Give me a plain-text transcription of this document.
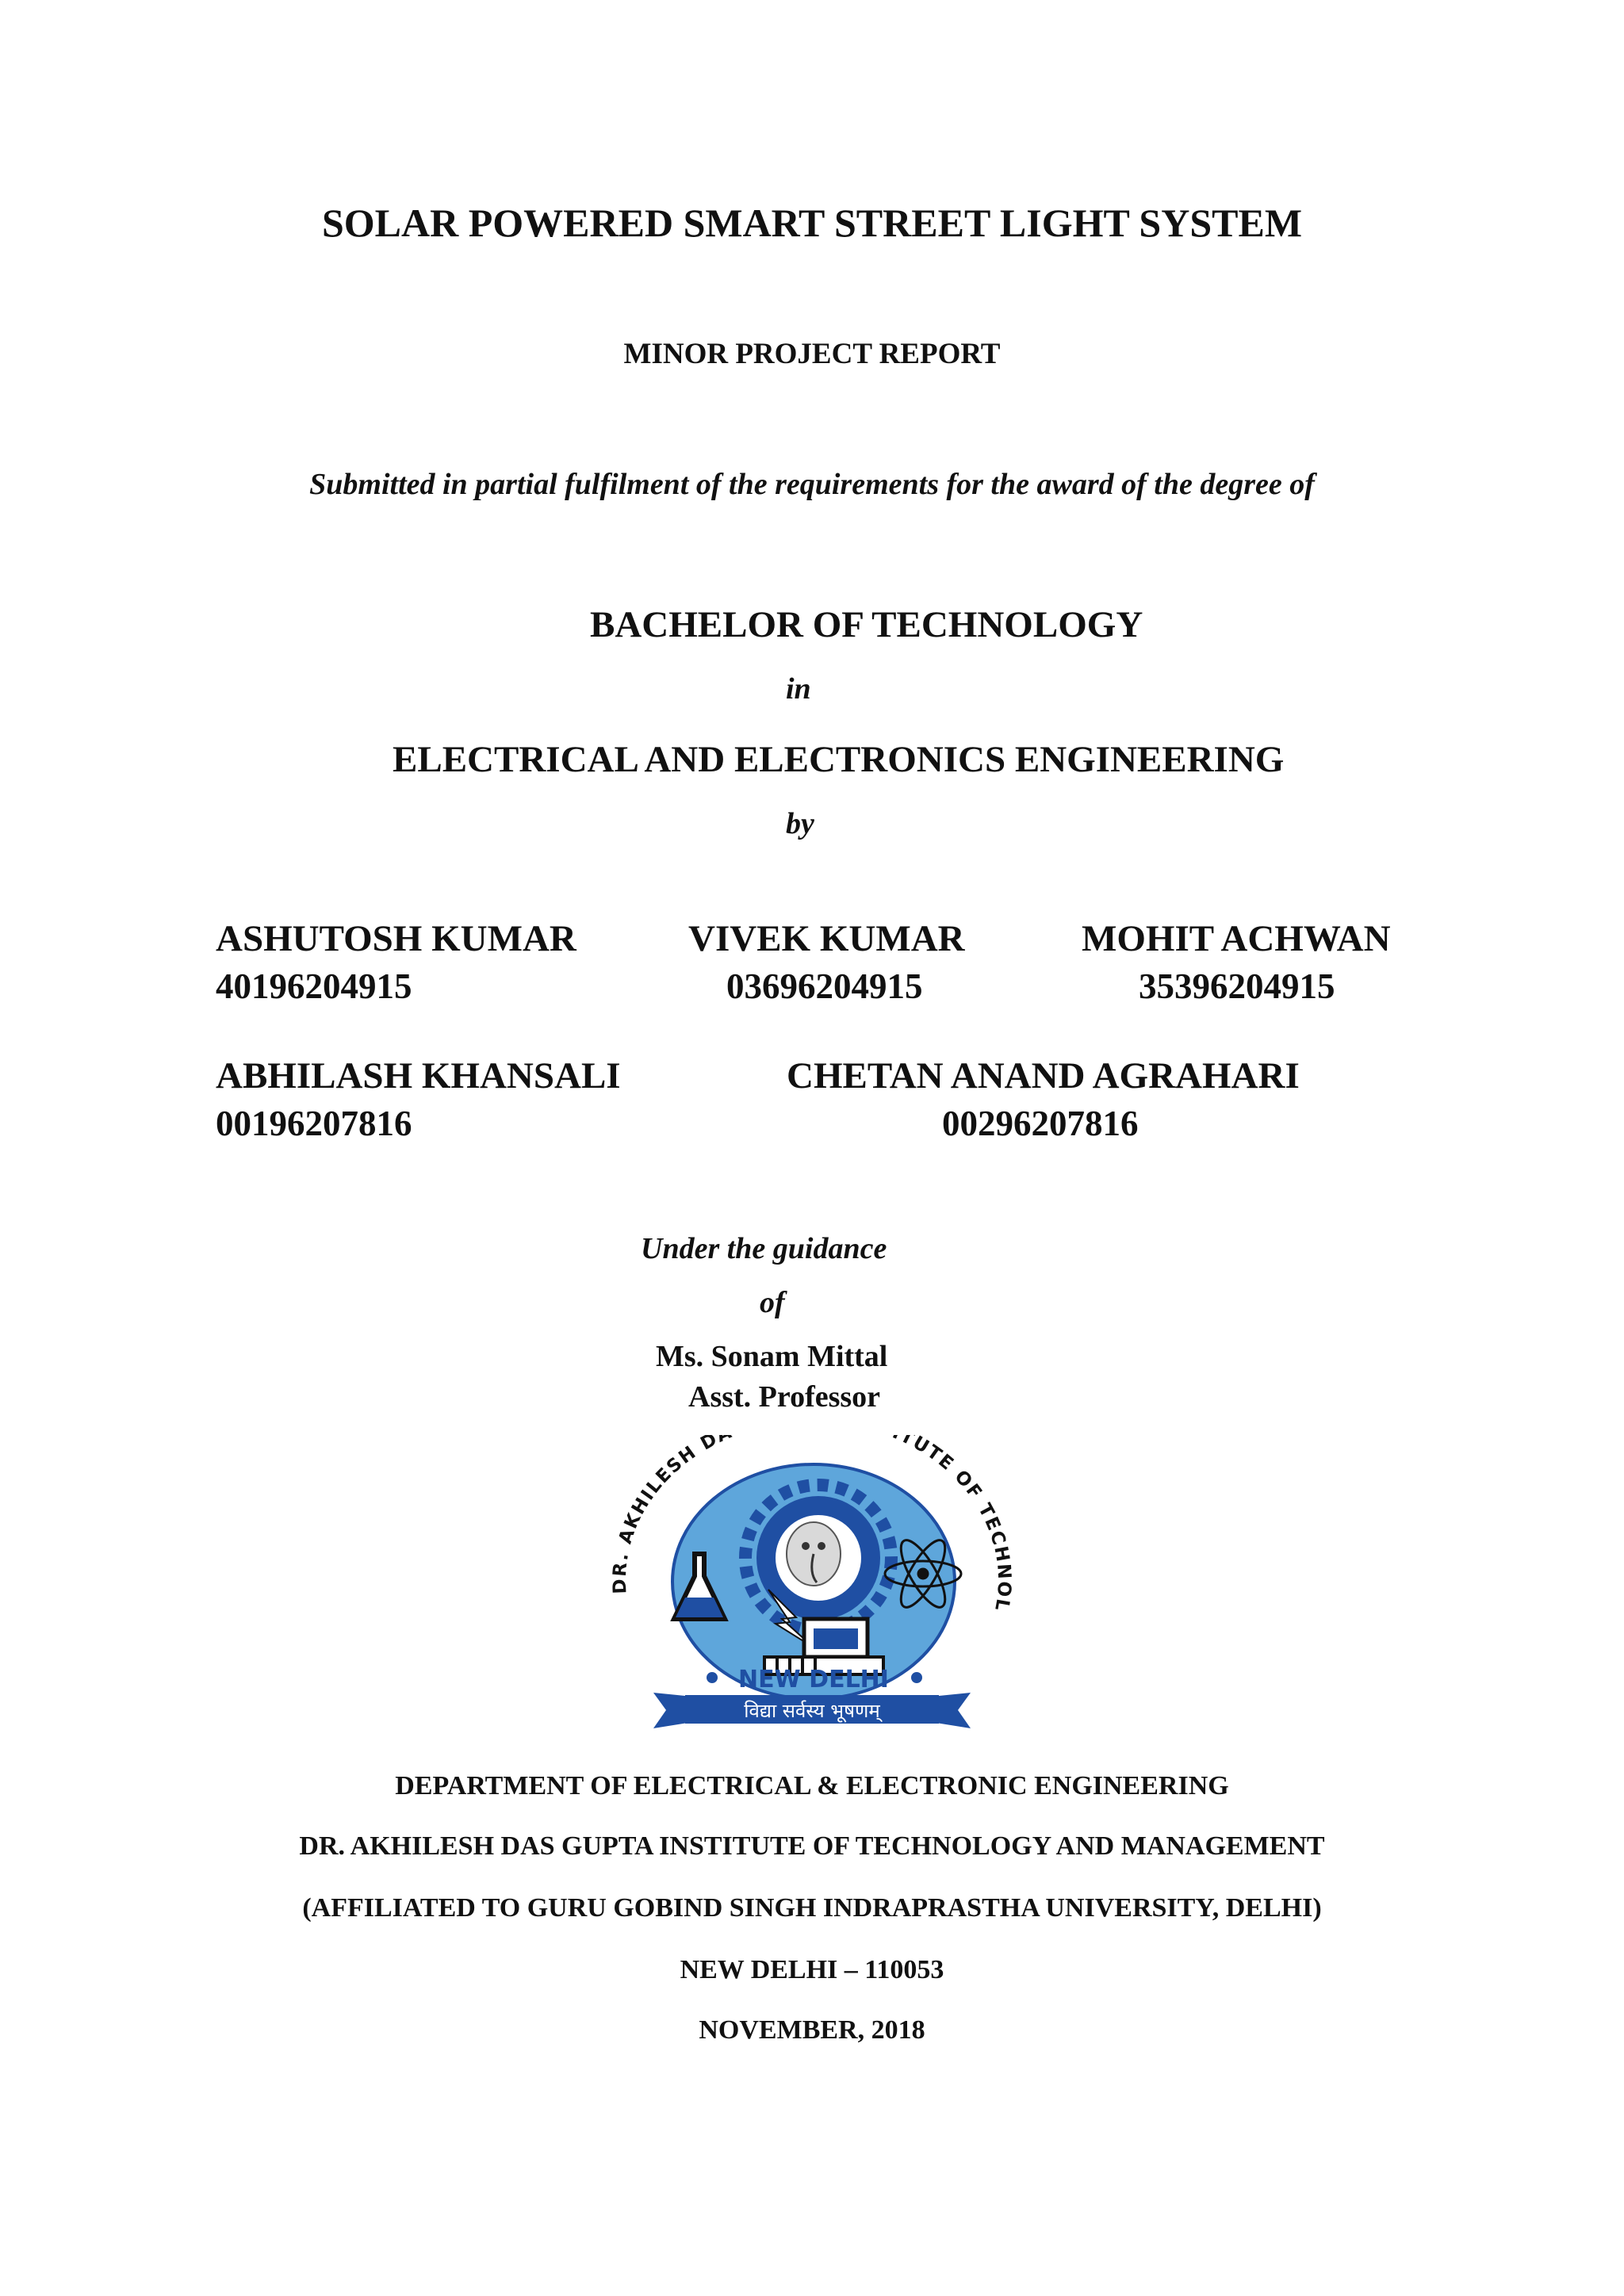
SOLAR POWERED SMART STREET LIGHT SYSTEM
MINOR PROJECT REPORT
Submitted in partial fulfilment of the requirements for the award of the degree of
BACHELOR OF TECHNOLOGY
in
ELECTRICAL AND ELECTRONICS ENGINEERING
by
ASHUTOSH KUMAR
40196204915
VIVEK KUMAR
03696204915
MOHIT ACHWAN
35396204915
ABHILASH KHANSALI
00196207816
CHETAN ANAND AGRAHARI
00296207816
Under the guidance
of
Ms. Sonam Mittal
Asst. Professor
DR. AKHILESH D TUTE OF TECHNOL
NEW DELHI
विद्या सर्वस्य भूषणम्
DEPARTMENT OF ELECTRICAL & ELECTRONIC ENGINEERING
DR. AKHILESH DAS GUPTA INSTITUTE OF TECHNOLOGY AND MANAGEMENT
(AFFILIATED TO GURU GOBIND SINGH INDRAPRASTHA UNIVERSITY, DELHI)
NEW DELHI – 110053
NOVEMBER, 2018
